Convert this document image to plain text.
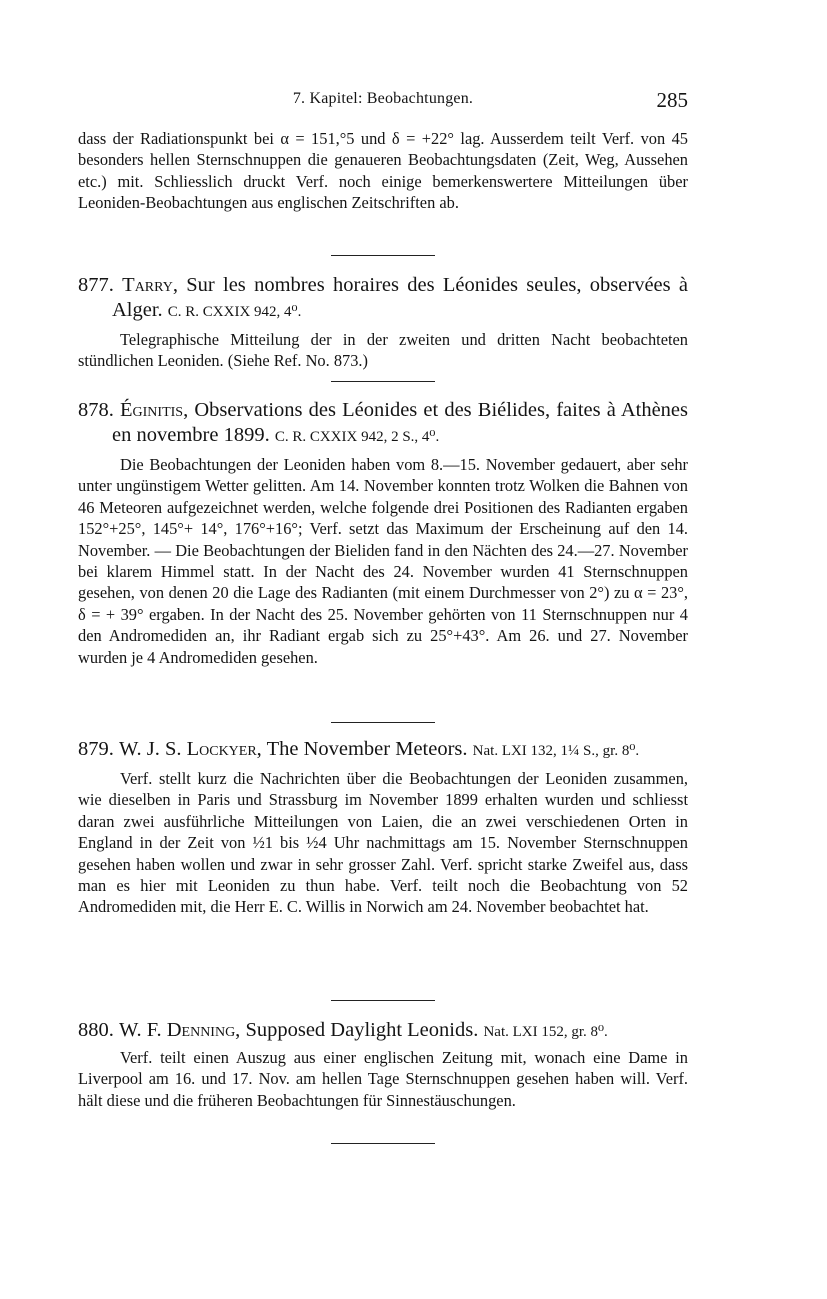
7. Kapitel: Beobachtungen.	285

dass der Radiationspunkt bei α = 151,°5 und δ = +22° lag. Ausserdem teilt Verf. von 45 besonders hellen Sternschnuppen die genaueren Beobachtungsdaten (Zeit, Weg, Aussehen etc.) mit. Schliesslich druckt Verf. noch einige bemerkenswertere Mitteilungen über Leoniden-Beobachtungen aus englischen Zeitschriften ab.

877. Tarry, Sur les nombres horaires des Léonides seules, observées à Alger. C. R. CXXIX 942, 4⁰.

Telegraphische Mitteilung der in der zweiten und dritten Nacht beobachteten stündlichen Leoniden. (Siehe Ref. No. 873.)

878. Éginitis, Observations des Léonides et des Biélides, faites à Athènes en novembre 1899. C. R. CXXIX 942, 2 S., 4⁰.

Die Beobachtungen der Leoniden haben vom 8.—15. November gedauert, aber sehr unter ungünstigem Wetter gelitten. Am 14. November konnten trotz Wolken die Bahnen von 46 Meteoren aufgezeichnet werden, welche folgende drei Positionen des Radianten ergaben 152°+25°, 145°+ 14°, 176°+16°; Verf. setzt das Maximum der Erscheinung auf den 14. November. — Die Beobachtungen der Bieliden fand in den Nächten des 24.—27. November bei klarem Himmel statt. In der Nacht des 24. November wurden 41 Sternschnuppen gesehen, von denen 20 die Lage des Radianten (mit einem Durchmesser von 2°) zu α = 23°, δ = + 39° ergaben. In der Nacht des 25. November gehörten von 11 Sternschnuppen nur 4 den Andromediden an, ihr Radiant ergab sich zu 25°+43°. Am 26. und 27. November wurden je 4 Andromediden gesehen.

879. W. J. S. Lockyer, The November Meteors. Nat. LXI 132, 1¼ S., gr. 8⁰.

Verf. stellt kurz die Nachrichten über die Beobachtungen der Leoniden zusammen, wie dieselben in Paris und Strassburg im November 1899 erhalten wurden und schliesst daran zwei ausführliche Mitteilungen von Laien, die an zwei verschiedenen Orten in England in der Zeit von ½1 bis ½4 Uhr nachmittags am 15. November Sternschnuppen gesehen haben wollen und zwar in sehr grosser Zahl. Verf. spricht starke Zweifel aus, dass man es hier mit Leoniden zu thun habe. Verf. teilt noch die Beobachtung von 52 Andromediden mit, die Herr E. C. Willis in Norwich am 24. November beobachtet hat.

880. W. F. Denning, Supposed Daylight Leonids. Nat. LXI 152, gr. 8⁰.

Verf. teilt einen Auszug aus einer englischen Zeitung mit, wonach eine Dame in Liverpool am 16. und 17. Nov. am hellen Tage Sternschnuppen gesehen haben will. Verf. hält diese und die früheren Beobachtungen für Sinnestäuschungen.
